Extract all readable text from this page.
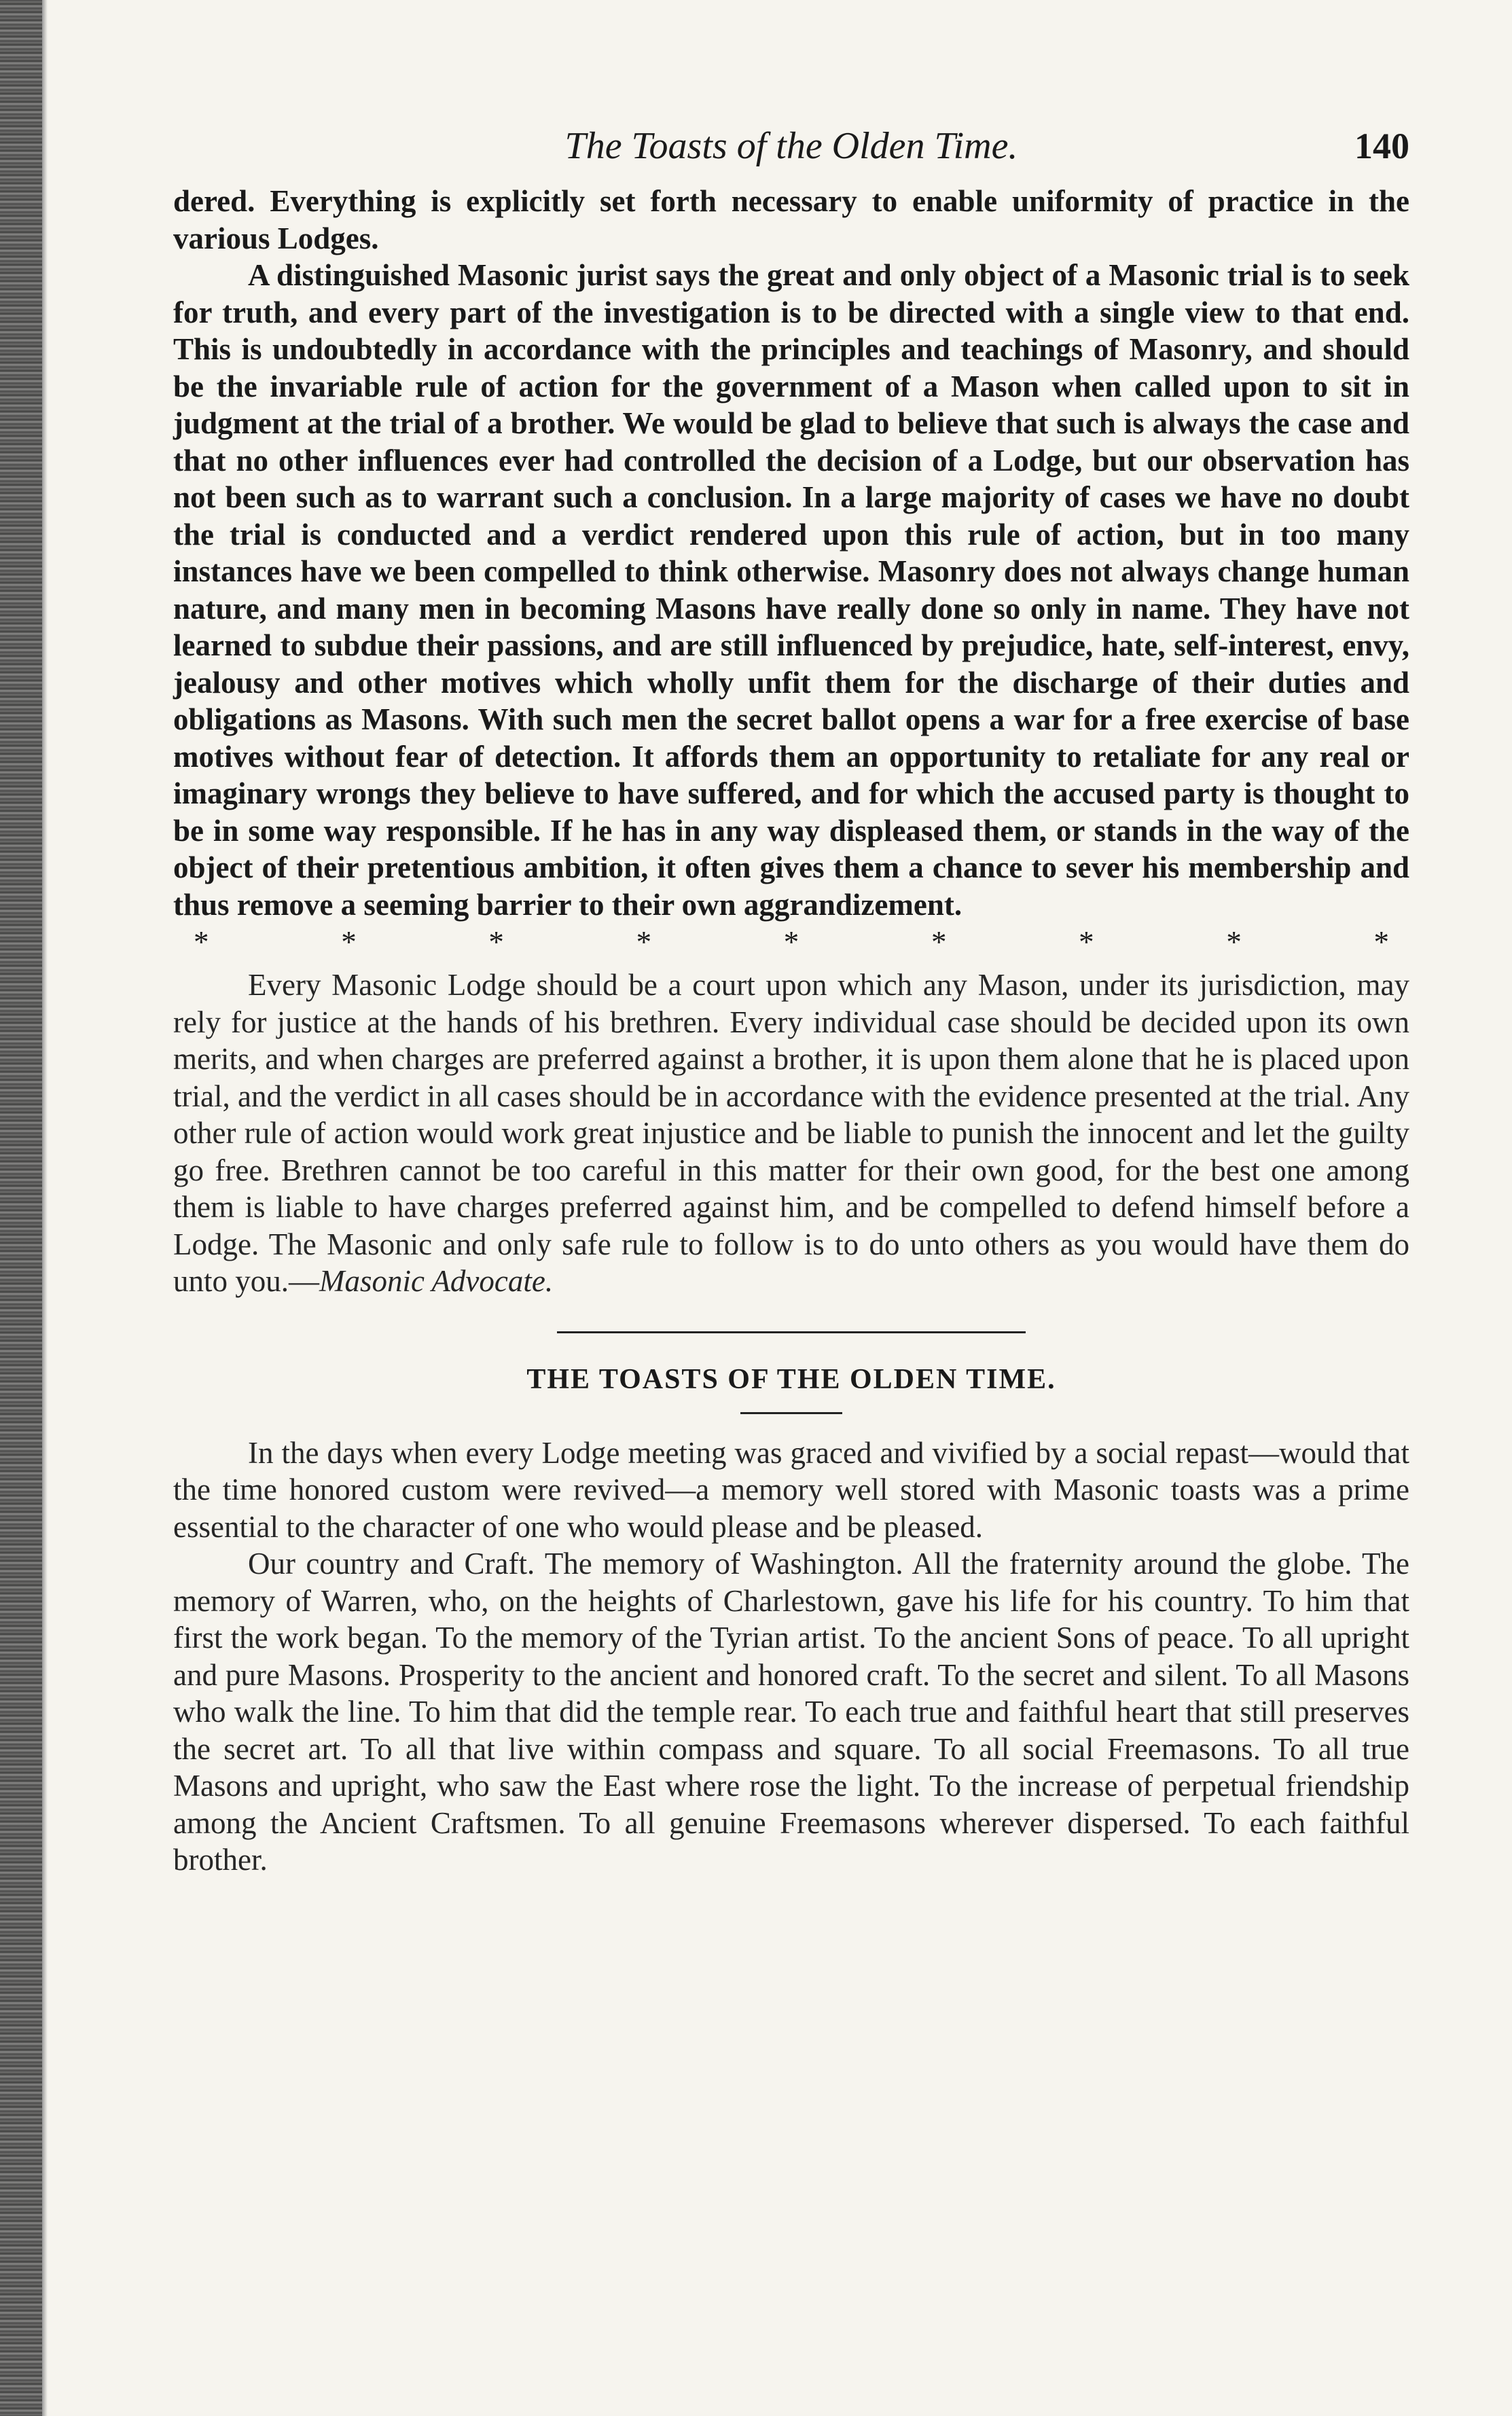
The Toasts of the Olden Time.	140

dered. Everything is explicitly set forth necessary to enable uniformity of practice in the various Lodges.

A distinguished Masonic jurist says the great and only object of a Masonic trial is to seek for truth, and every part of the investigation is to be directed with a single view to that end. This is undoubtedly in accordance with the principles and teachings of Masonry, and should be the invariable rule of action for the government of a Mason when called upon to sit in judgment at the trial of a brother. We would be glad to believe that such is always the case and that no other influences ever had controlled the decision of a Lodge, but our observation has not been such as to warrant such a conclusion. In a large majority of cases we have no doubt the trial is conducted and a verdict rendered upon this rule of action, but in too many instances have we been compelled to think otherwise. Masonry does not always change human nature, and many men in becoming Masons have really done so only in name. They have not learned to subdue their passions, and are still influenced by prejudice, hate, self-interest, envy, jealousy and other motives which wholly unfit them for the discharge of their duties and obligations as Masons. With such men the secret ballot opens a war for a free exercise of base motives without fear of detection. It affords them an opportunity to retaliate for any real or imaginary wrongs they believe to have suffered, and for which the accused party is thought to be in some way responsible. If he has in any way displeased them, or stands in the way of the object of their pretentious ambition, it often gives them a chance to sever his membership and thus remove a seeming barrier to their own aggrandizement.

*	*	*	*	*	*	*	*	*

Every Masonic Lodge should be a court upon which any Mason, under its jurisdiction, may rely for justice at the hands of his brethren. Every individual case should be decided upon its own merits, and when charges are preferred against a brother, it is upon them alone that he is placed upon trial, and the verdict in all cases should be in accordance with the evidence presented at the trial. Any other rule of action would work great injustice and be liable to punish the innocent and let the guilty go free. Brethren cannot be too careful in this matter for their own good, for the best one among them is liable to have charges preferred against him, and be compelled to defend himself before a Lodge. The Masonic and only safe rule to follow is to do unto others as you would have them do unto you.—Masonic Advocate.

THE TOASTS OF THE OLDEN TIME.

In the days when every Lodge meeting was graced and vivified by a social repast—would that the time honored custom were revived—a memory well stored with Masonic toasts was a prime essential to the character of one who would please and be pleased.

Our country and Craft. The memory of Washington. All the fraternity around the globe. The memory of Warren, who, on the heights of Charlestown, gave his life for his country. To him that first the work began. To the memory of the Tyrian artist. To the ancient Sons of peace. To all upright and pure Masons. Prosperity to the ancient and honored craft. To the secret and silent. To all Masons who walk the line. To him that did the temple rear. To each true and faithful heart that still preserves the secret art. To all that live within compass and square. To all social Freemasons. To all true Masons and upright, who saw the East where rose the light. To the increase of perpetual friendship among the Ancient Craftsmen. To all genuine Freemasons wherever dispersed. To each faithful brother.
